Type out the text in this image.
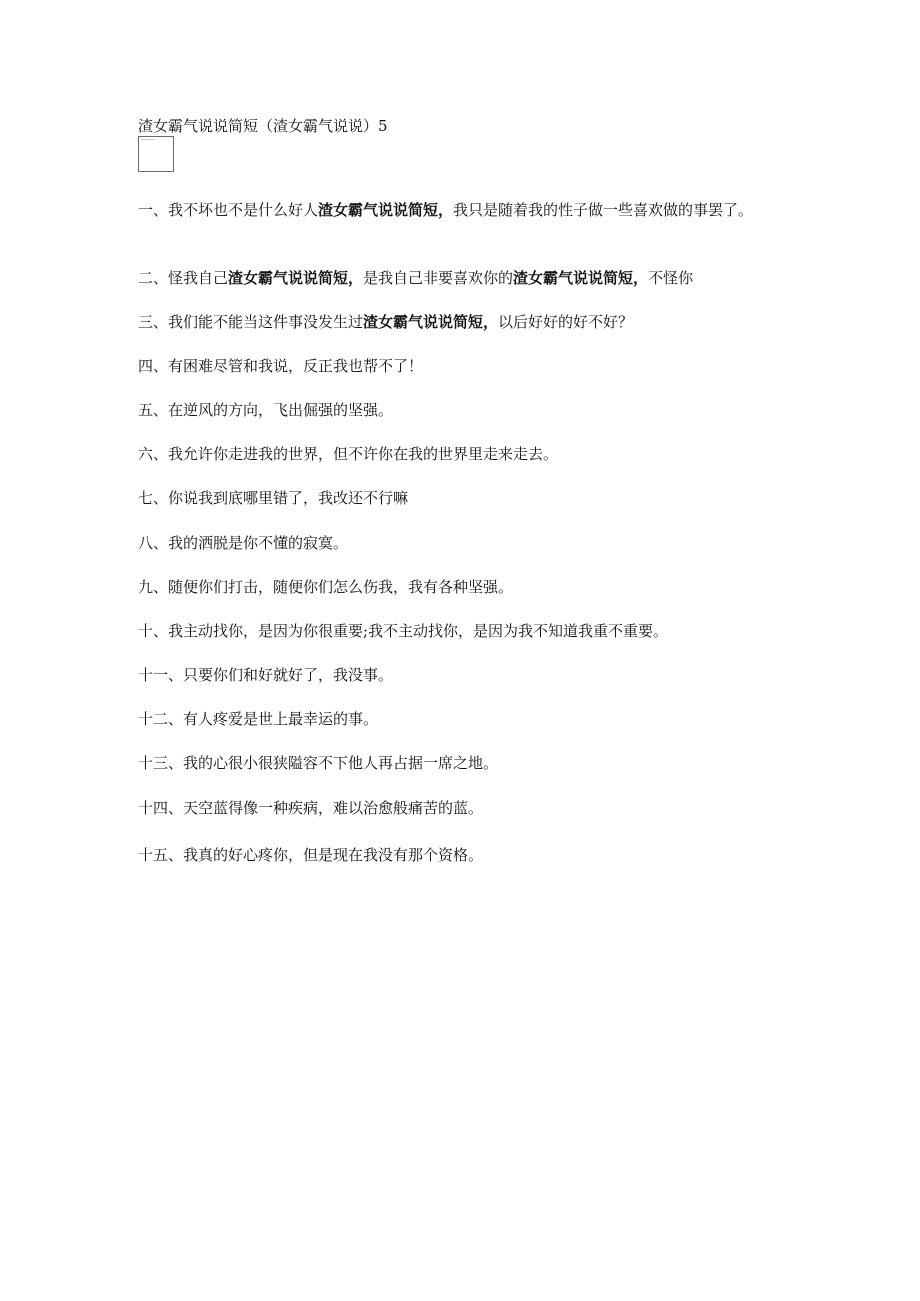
渣女霸气说说简短（渣女霸气说说）5

一、我不坏也不是什么好人渣女霸气说说简短，我只是随着我的性子做一些喜欢做的事罢了。

二、怪我自己渣女霸气说说简短，是我自己非要喜欢你的渣女霸气说说简短，不怪你

三、我们能不能当这件事没发生过渣女霸气说说简短，以后好好的好不好？

四、有困难尽管和我说，反正我也帮不了！

五、在逆风的方向，飞出倔强的坚强。

六、我允许你走进我的世界，但不许你在我的世界里走来走去。

七、你说我到底哪里错了，我改还不行嘛

八、我的洒脱是你不懂的寂寞。

九、随便你们打击，随便你们怎么伤我，我有各种坚强。

十、我主动找你，是因为你很重要;我不主动找你，是因为我不知道我重不重要。

十一、只要你们和好就好了，我没事。

十二、有人疼爱是世上最幸运的事。

十三、我的心很小很狭隘容不下他人再占据一席之地。

十四、天空蓝得像一种疾病，难以治愈般痛苦的蓝。

十五、我真的好心疼你，但是现在我没有那个资格。
